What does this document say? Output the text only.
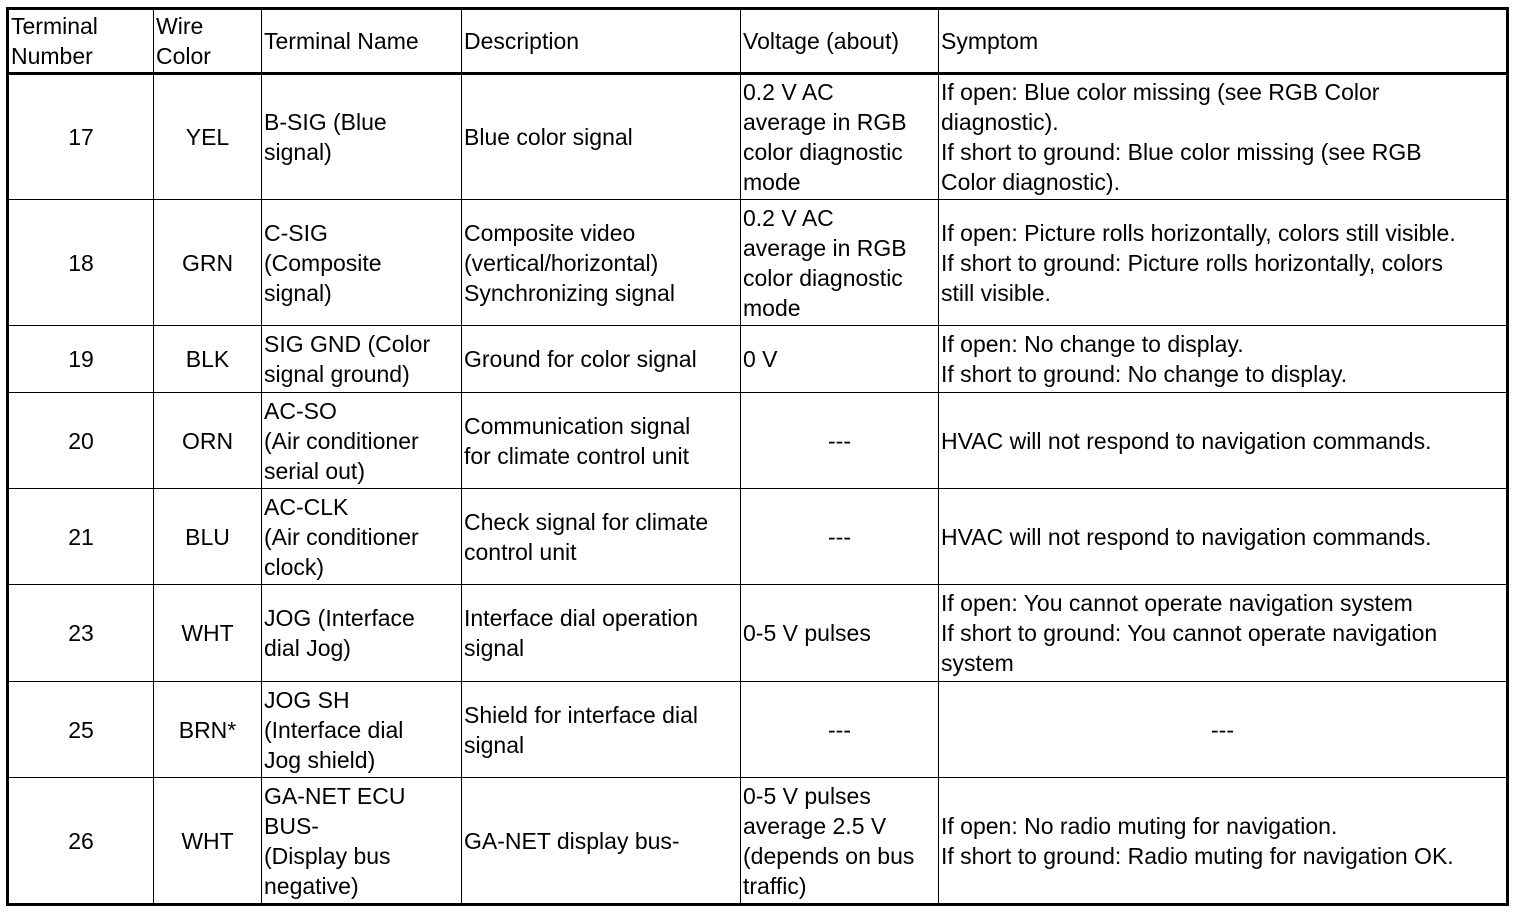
Terminal
Number	Wire
Color	Terminal Name	Description	Voltage (about)	Symptom
17	YEL	B-SIG (Blue
signal)	Blue color signal	0.2 V AC
average in RGB
color diagnostic
mode	If open: Blue color missing (see RGB Color
diagnostic).
If short to ground: Blue color missing (see RGB
Color diagnostic).
18	GRN	C-SIG
(Composite
signal)	Composite video
(vertical/horizontal)
Synchronizing signal	0.2 V AC
average in RGB
color diagnostic
mode	If open: Picture rolls horizontally, colors still visible.
If short to ground: Picture rolls horizontally, colors
still visible.
19	BLK	SIG GND (Color
signal ground)	Ground for color signal	0 V	If open: No change to display.
If short to ground: No change to display.
20	ORN	AC-SO
(Air conditioner
serial out)	Communication signal
for climate control unit	---	HVAC will not respond to navigation commands.
21	BLU	AC-CLK
(Air conditioner
clock)	Check signal for climate
control unit	---	HVAC will not respond to navigation commands.
23	WHT	JOG (Interface
dial Jog)	Interface dial operation
signal	0-5 V pulses	If open: You cannot operate navigation system
If short to ground: You cannot operate navigation
system
25	BRN*	JOG SH
(Interface dial
Jog shield)	Shield for interface dial
signal	---	---
26	WHT	GA-NET ECU
BUS-
(Display bus
negative)	GA-NET display bus-	0-5 V pulses
average 2.5 V
(depends on bus
traffic)	If open: No radio muting for navigation.
If short to ground: Radio muting for navigation OK.
